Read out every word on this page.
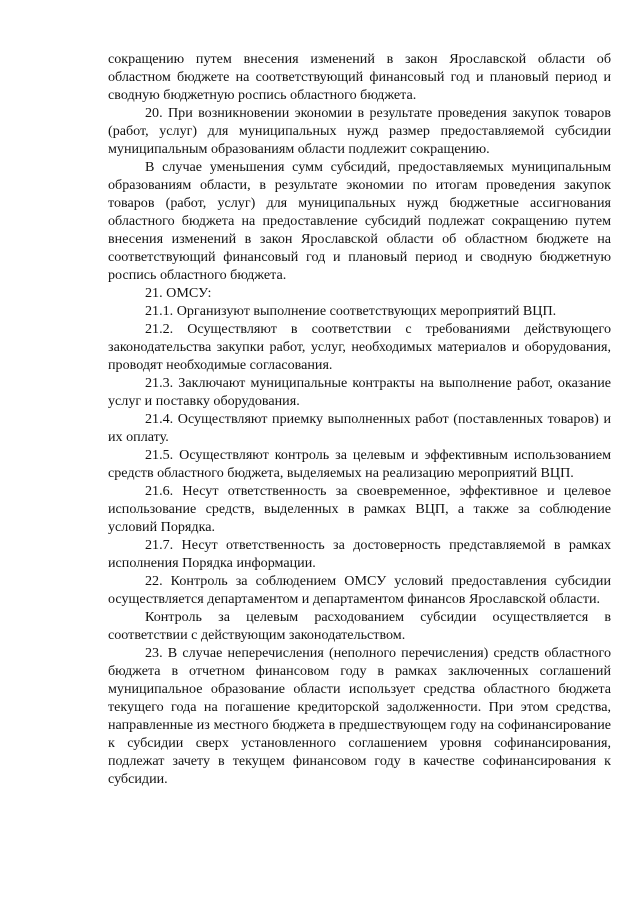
сокращению путем внесения изменений в закон Ярославской области об областном бюджете на соответствующий финансовый год и плановый период и сводную бюджетную роспись областного бюджета.

20. При возникновении экономии в результате проведения закупок товаров (работ, услуг) для муниципальных нужд размер предоставляемой субсидии муниципальным образованиям области подлежит сокращению.

В случае уменьшения сумм субсидий, предоставляемых муниципальным образованиям области, в результате экономии по итогам проведения закупок товаров (работ, услуг) для муниципальных нужд бюджетные ассигнования областного бюджета на предоставление субсидий подлежат сокращению путем внесения изменений в закон Ярославской области об областном бюджете на соответствующий финансовый год и плановый период и сводную бюджетную роспись областного бюджета.

21. ОМСУ:

21.1. Организуют выполнение соответствующих мероприятий ВЦП.

21.2. Осуществляют в соответствии с требованиями действующего законодательства закупки работ, услуг, необходимых материалов и оборудования, проводят необходимые согласования.

21.3. Заключают муниципальные контракты на выполнение работ, оказание услуг и поставку оборудования.

21.4. Осуществляют приемку выполненных работ (поставленных товаров) и их оплату.

21.5. Осуществляют контроль за целевым и эффективным использованием средств областного бюджета, выделяемых на реализацию мероприятий ВЦП.

21.6. Несут ответственность за своевременное, эффективное и целевое использование средств, выделенных в рамках ВЦП, а также за соблюдение условий Порядка.

21.7. Несут ответственность за достоверность представляемой в рамках исполнения Порядка информации.

22. Контроль за соблюдением ОМСУ условий предоставления субсидии осуществляется департаментом и департаментом финансов Ярославской области.

Контроль за целевым расходованием субсидии осуществляется в соответствии с действующим законодательством.

23. В случае неперечисления (неполного перечисления) средств областного бюджета в отчетном финансовом году в рамках заключенных соглашений муниципальное образование области использует средства областного бюджета текущего года на погашение кредиторской задолженности. При этом средства, направленные из местного бюджета в предшествующем году на софинансирование к субсидии сверх установленного соглашением уровня софинансирования, подлежат зачету в текущем финансовом году в качестве софинансирования к субсидии.
